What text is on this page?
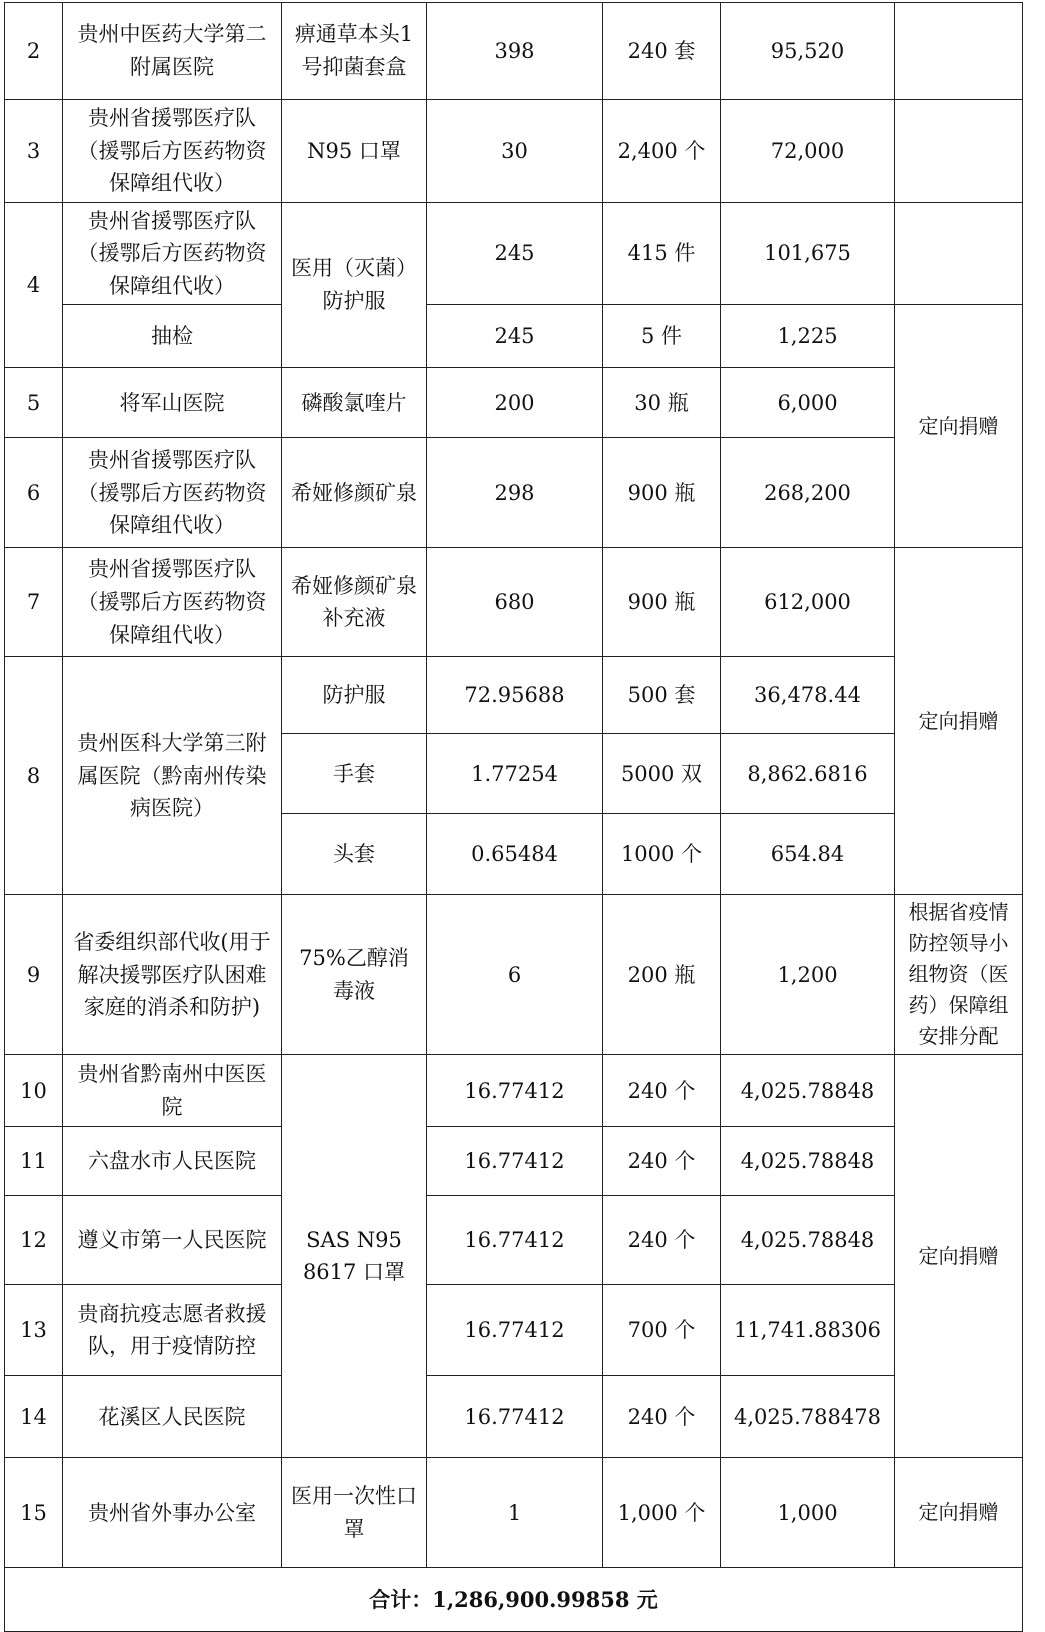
2	贵州中医药大学第二附属医院	痹通草本头1号抑菌套盒	398	240 套	95,520	
3	贵州省援鄂医疗队（援鄂后方医药物资保障组代收）	N95 口罩	30	2,400 个	72,000	
4	贵州省援鄂医疗队（援鄂后方医药物资保障组代收）	医用（灭菌）防护服	245	415 件	101,675	
	抽检		245	5 件	1,225	定向捐赠
5	将军山医院	磷酸氯喹片	200	30 瓶	6,000	
6	贵州省援鄂医疗队（援鄂后方医药物资保障组代收）	希娅修颜矿泉	298	900 瓶	268,200	
7	贵州省援鄂医疗队（援鄂后方医药物资保障组代收）	希娅修颜矿泉补充液	680	900 瓶	612,000	定向捐赠
8	贵州医科大学第三附属医院（黔南州传染病医院）	防护服	72.95688	500 套	36,478.44	
		手套	1.77254	5000 双	8,862.6816	
		头套	0.65484	1000 个	654.84	
9	省委组织部代收(用于解决援鄂医疗队困难家庭的消杀和防护)	75%乙醇消毒液	6	200 瓶	1,200	根据省疫情防控领导小组物资（医药）保障组安排分配
10	贵州省黔南州中医医院	SAS N95 8617 口罩	16.77412	240 个	4,025.78848	定向捐赠
11	六盘水市人民医院		16.77412	240 个	4,025.78848	
12	遵义市第一人民医院		16.77412	240 个	4,025.78848	
13	贵商抗疫志愿者救援队，用于疫情防控		16.77412	700 个	11,741.88306	
14	花溪区人民医院		16.77412	240 个	4,025.788478	
15	贵州省外事办公室	医用一次性口罩	1	1,000 个	1,000	定向捐赠
合计：1,286,900.99858 元						
